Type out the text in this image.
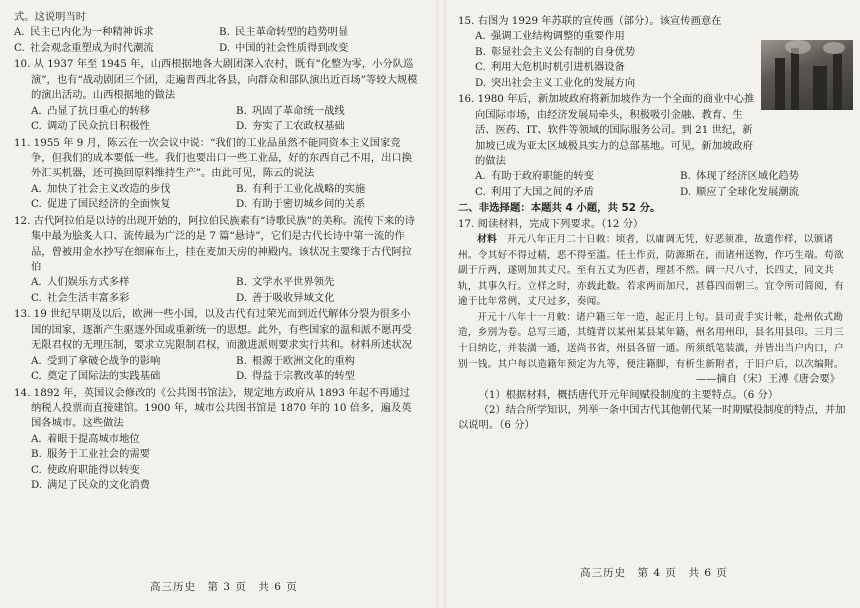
式。这说明当时

A. 民主已内化为一种精神诉求	B. 民主革命转型的趋势明显
C. 社会观念重塑成为时代潮流	D. 中国的社会性质得到改变

10. 从 1937 年至 1945 年，山西根据地各大剧团深入农村，既有“化整为零，小分队巡演”，也有“战动剧团三个团，走遍晋西北各县，向群众和部队演出近百场”等较大规模的演出活动。山西根据地的做法

A. 凸显了抗日重心的转移	B. 巩固了革命统一战线
C. 调动了民众抗日积极性	D. 夯实了工农政权基础

11. 1955 年 9 月，陈云在一次会议中说：“我们的工业品虽然不能同资本主义国家竞争，但我们的成本要低一些。我们也要出口一些工业品，好的东西自己不用，出口换外汇买机器，还可换回原料维持生产”。由此可见，陈云的说法

A. 加快了社会主义改造的步伐	B. 有利于工业化战略的实施
C. 促进了国民经济的全面恢复	D. 有助于密切城乡间的关系

12. 古代阿拉伯是以诗的出现开始的，阿拉伯民族素有“诗歌民族”的美称。流传下来的诗集中最为脍炙人口、流传最为广泛的是 7 篇“悬诗”，它们是古代长诗中第一流的作品，曾被用金水抄写在细麻布上，挂在麦加天房的神殿内。该状况主要缘于古代阿拉伯

A. 人们娱乐方式多样	B. 文学水平世界领先
C. 社会生活丰富多彩	D. 善于吸收异域文化

13. 19 世纪早期及以后，欧洲一些小国，以及古代有过荣光而到近代解体分裂为很多小国的国家，逐渐产生驱逐外国或重新统一的思想。此外，有些国家的温和派不愿再受无限君权的无理压制，要求立宪限制君权，而激进派则要求实行共和。材料所述状况

A. 受到了拿破仑战争的影响	B. 根源于欧洲文化的重构
C. 奠定了国际法的实践基础	D. 得益于宗教改革的转型

14. 1892 年，英国议会修改的《公共图书馆法》，规定地方政府从 1893 年起不再通过纳税人投票而直接建馆。1900 年，城市公共图书馆是 1870 年的 10 倍多，遍及英国各城市。这些做法

A. 着眼于提高城市地位
B. 服务于工业社会的需要
C. 使政府职能得以转变
D. 满足了民众的文化消费
高三历史　第 3 页　共 6 页

15. 右图为 1929 年苏联的宣传画（部分）。该宣传画意在

A. 强调工业结构调整的重要作用
B. 彰显社会主义公有制的自身优势
C. 利用大危机时机引进机器设备
D. 突出社会主义工业化的发展方向

16. 1980 年后，新加坡政府将新加坡作为一个全面的商业中心推向国际市场，由经济发展局牵头，积极吸引金融、教育、生活、医药、IT、软件等领域的国际服务公司。到 21 世纪，新加坡已成为亚太区域极具实力的总部基地。可见，新加坡政府的做法

A. 有助于政府职能的转变	B. 体现了经济区域化趋势
C. 利用了大国之间的矛盾	D. 顺应了全球化发展潮流

二、非选择题：本题共 4 小题，共 52 分。

17. 阅读材料，完成下列要求。（12 分）

材料　 开元八年正月二十日敕：顷者，以庸调无凭，好恶须准，故遣作样，以颁诸州。令其好不得过精，恶不得至滥。任土作贡，防源斯在，而诸州送物，作巧生端。苟欲副于斤两，遂则加其丈尺。至有五丈为匹者，理甚不然。阔一尺八寸，长四丈，同文共轨，其事久行。立样之时，亦载此数。若求两而加尺，甚暮四而朝三。宜令所司简阅，有逾于比年常例，丈尺过多，奏闻。

开元十八年十一月敕：诸户籍三年一造，起正月上旬。县司责手实计帐，赴州依式勘造，乡别为卷。总写三通，其缝背以某州某县某年籍，州名用州印，县名用县印。三月三十日纳讫，并装潢一通，送尚书省，州县各留一通。所须纸笔装潢，并皆出当户内口，户别一钱。其户每以造籍年预定为九等，便注籍脚，有析生新附者，于旧户后，以次编附。

——摘自（宋）王溥《唐会要》

（1）根据材料，概括唐代开元年间赋役制度的主要特点。（6 分）

（2）结合所学知识，列举一条中国古代其他朝代某一时期赋役制度的特点，并加以说明。（6 分）

高三历史　第 4 页　共 6 页
